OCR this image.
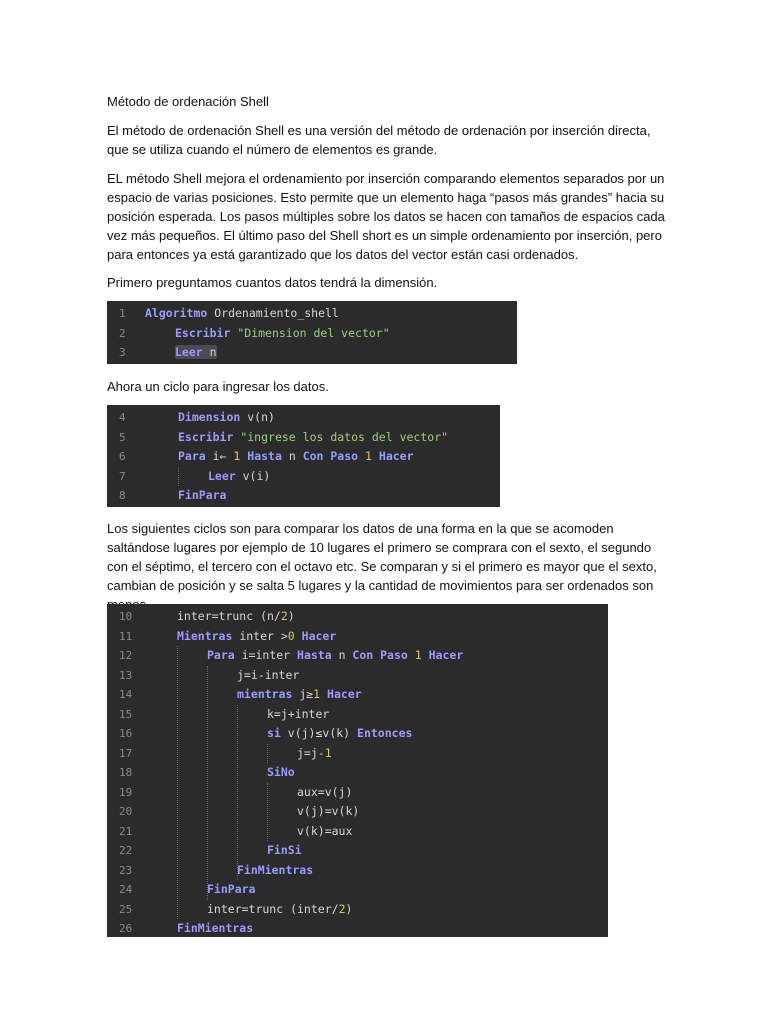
Método de ordenación Shell

El método de ordenación Shell es una versión del método de ordenación por inserción directa, que se utiliza cuando el número de elementos es grande.

EL método Shell mejora el ordenamiento por inserción comparando elementos separados por un espacio de varias posiciones. Esto permite que un elemento haga “pasos más grandes” hacia su posición esperada. Los pasos múltiples sobre los datos se hacen con tamaños de espacios cada vez más pequeños. El último paso del Shell short es un simple ordenamiento por inserción, pero para entonces ya está garantizado que los datos del vector están casi ordenados.

Primero preguntamos cuantos datos tendrá la dimensión.

1	Algoritmo Ordenamiento_shell
2	Escribir "Dimension del vector"
3	Leer n

Ahora un ciclo para ingresar los datos.

4	Dimension v(n)
5	Escribir "ingrese los datos del vector"
6	Para i← 1 Hasta n Con Paso 1 Hacer
7	Leer v(i)
8	FinPara

Los siguientes ciclos son para comparar los datos de una forma en la que se acomoden saltándose lugares por ejemplo de 10 lugares el primero se comprara con el sexto, el segundo con el séptimo, el tercero con el octavo etc. Se comparan y si el primero es mayor que el sexto, cambian de posición y se salta 5 lugares y la cantidad de movimientos para ser ordenados son

10	inter=trunc (n/2)
11	Mientras inter >0 Hacer
12	Para i=inter Hasta n Con Paso 1 Hacer
13	j=i-inter
14	mientras j≥1 Hacer
15	k=j+inter
16	si v(j)≤v(k) Entonces
17	j=j-1
18	SiNo
19	aux=v(j)
20	v(j)=v(k)
21	v(k)=aux
22	FinSi
23	FinMientras
24	FinPara
25	inter=trunc (inter/2)
26	FinMientras
